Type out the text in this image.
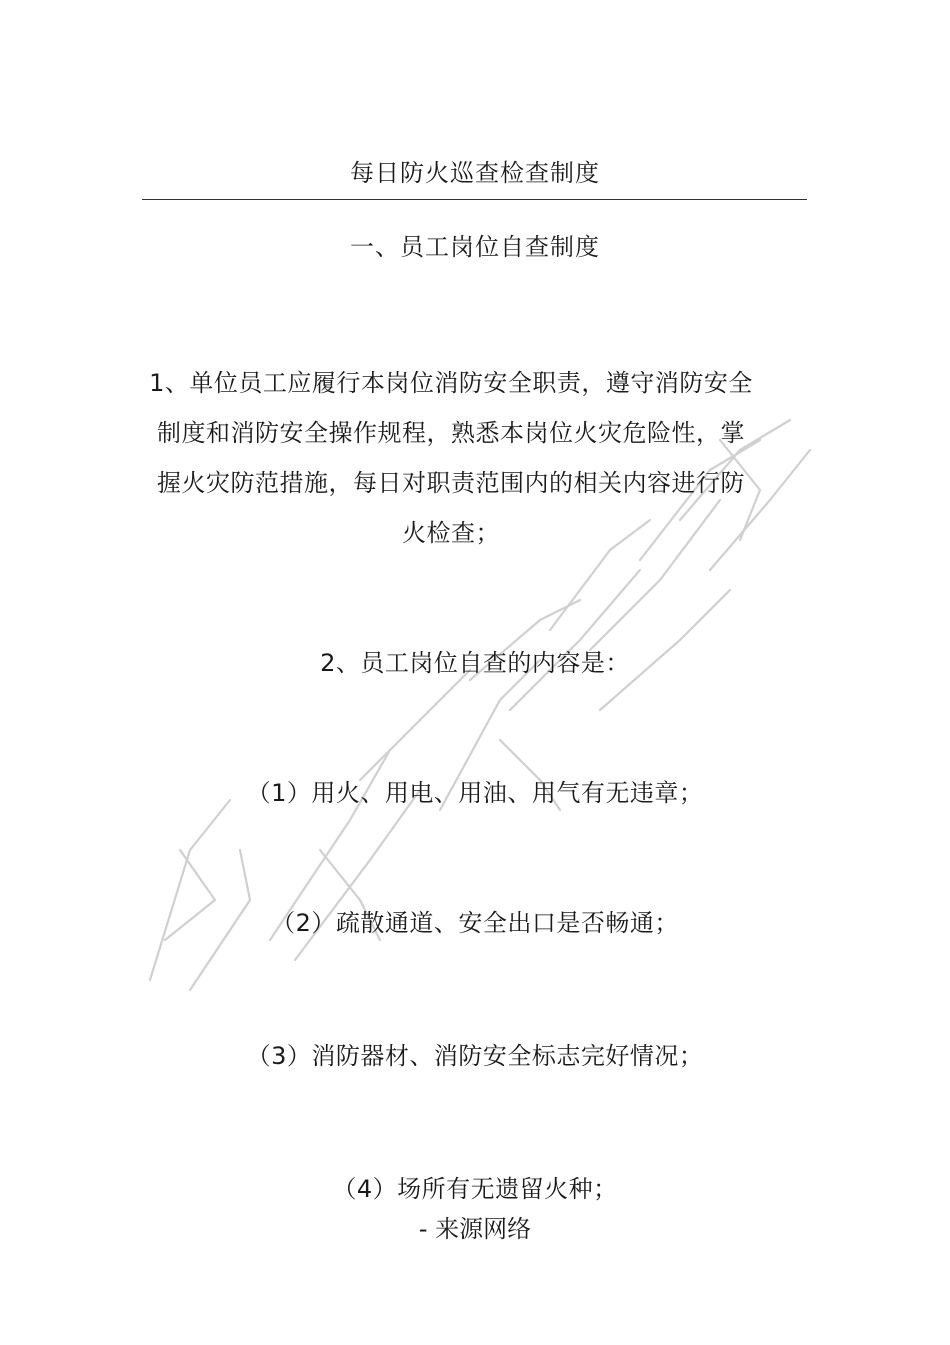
每日防火巡查检查制度
一、员工岗位自查制度
1、单位员工应履行本岗位消防安全职责，遵守消防安全
制度和消防安全操作规程，熟悉本岗位火灾危险性，掌
握火灾防范措施，每日对职责范围内的相关内容进行防
火检查；
2、员工岗位自查的内容是：
（1）用火、用电、用油、用气有无违章；
（2）疏散通道、安全出口是否畅通；
（3）消防器材、消防安全标志完好情况；
（4）场所有无遗留火种；
- 来源网络
